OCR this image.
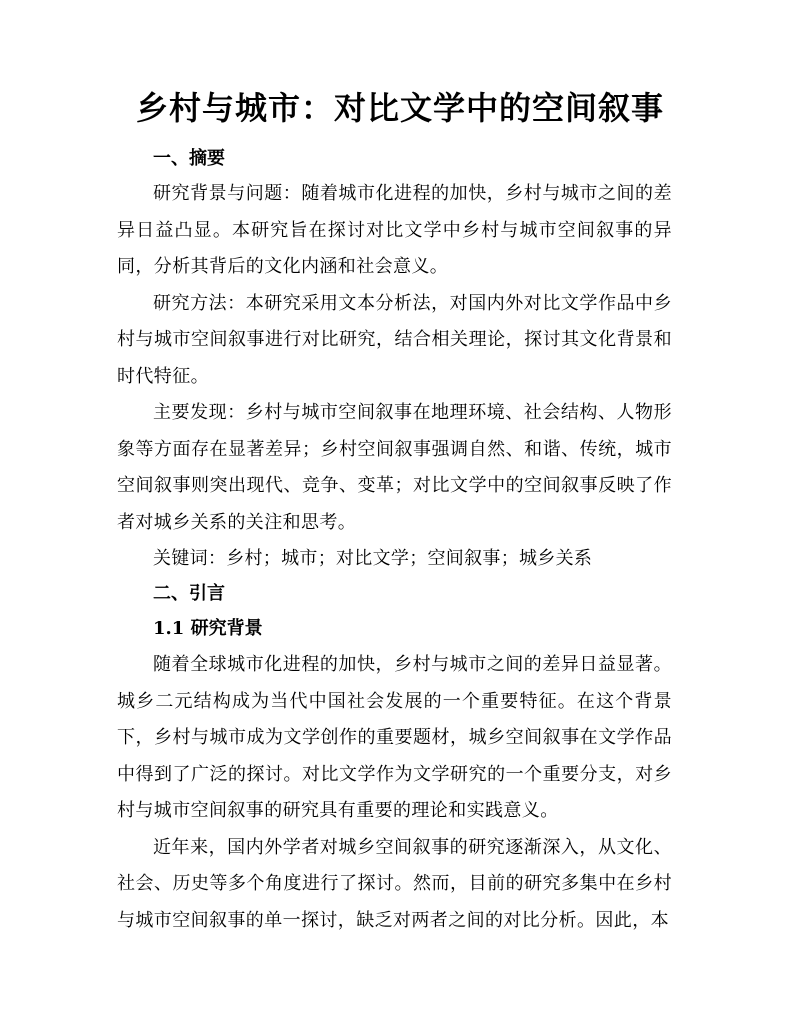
乡村与城市：对比文学中的空间叙事
一、摘要

研究背景与问题：随着城市化进程的加快，乡村与城市之间的差异日益凸显。本研究旨在探讨对比文学中乡村与城市空间叙事的异同，分析其背后的文化内涵和社会意义。

研究方法：本研究采用文本分析法，对国内外对比文学作品中乡村与城市空间叙事进行对比研究，结合相关理论，探讨其文化背景和时代特征。

主要发现：乡村与城市空间叙事在地理环境、社会结构、人物形象等方面存在显著差异；乡村空间叙事强调自然、和谐、传统，城市空间叙事则突出现代、竞争、变革；对比文学中的空间叙事反映了作者对城乡关系的关注和思考。

关键词：乡村；城市；对比文学；空间叙事；城乡关系

二、引言
1.1 研究背景

随着全球城市化进程的加快，乡村与城市之间的差异日益显著。城乡二元结构成为当代中国社会发展的一个重要特征。在这个背景下，乡村与城市成为文学创作的重要题材，城乡空间叙事在文学作品中得到了广泛的探讨。对比文学作为文学研究的一个重要分支，对乡村与城市空间叙事的研究具有重要的理论和实践意义。

近年来，国内外学者对城乡空间叙事的研究逐渐深入，从文化、社会、历史等多个角度进行了探讨。然而，目前的研究多集中在乡村与城市空间叙事的单一探讨，缺乏对两者之间的对比分析。因此，本
